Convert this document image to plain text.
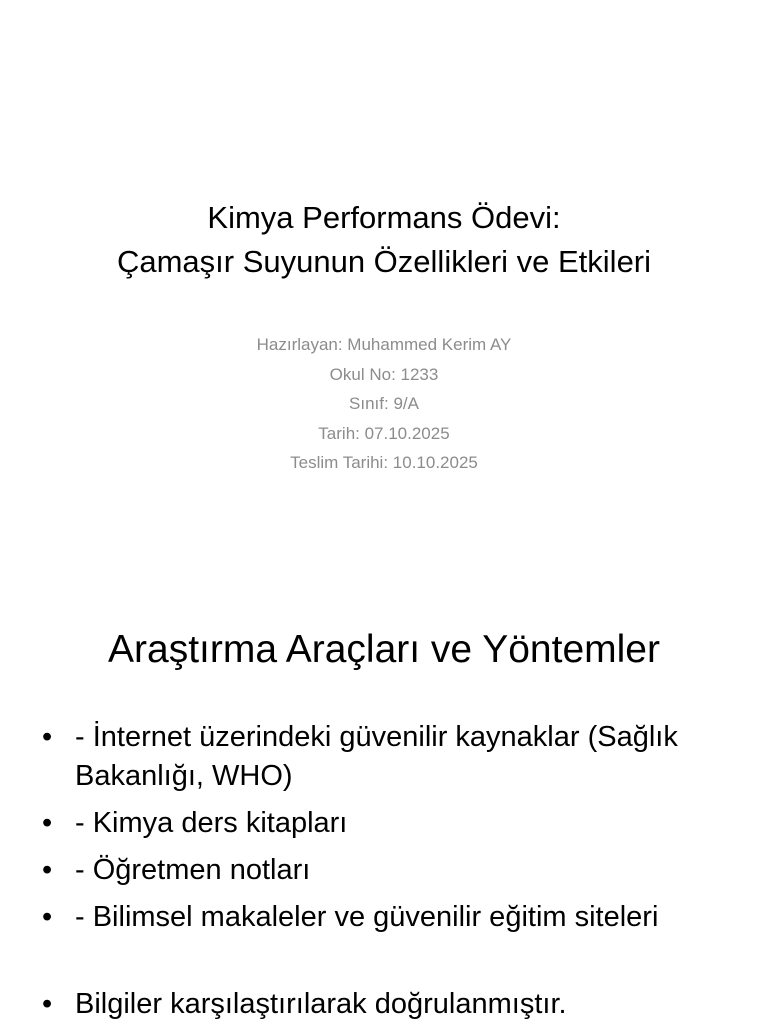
Kimya Performans Ödevi:
Çamaşır Suyunun Özellikleri ve Etkileri
Hazırlayan: Muhammed Kerim AY
Okul No: 1233
Sınıf: 9/A
Tarih: 07.10.2025
Teslim Tarihi: 10.10.2025
Araştırma Araçları ve Yöntemler
• - İnternet üzerindeki güvenilir kaynaklar (Sağlık Bakanlığı, WHO)
• - Kimya ders kitapları
• - Öğretmen notları
• - Bilimsel makaleler ve güvenilir eğitim siteleri
• Bilgiler karşılaştırılarak doğrulanmıştır.
